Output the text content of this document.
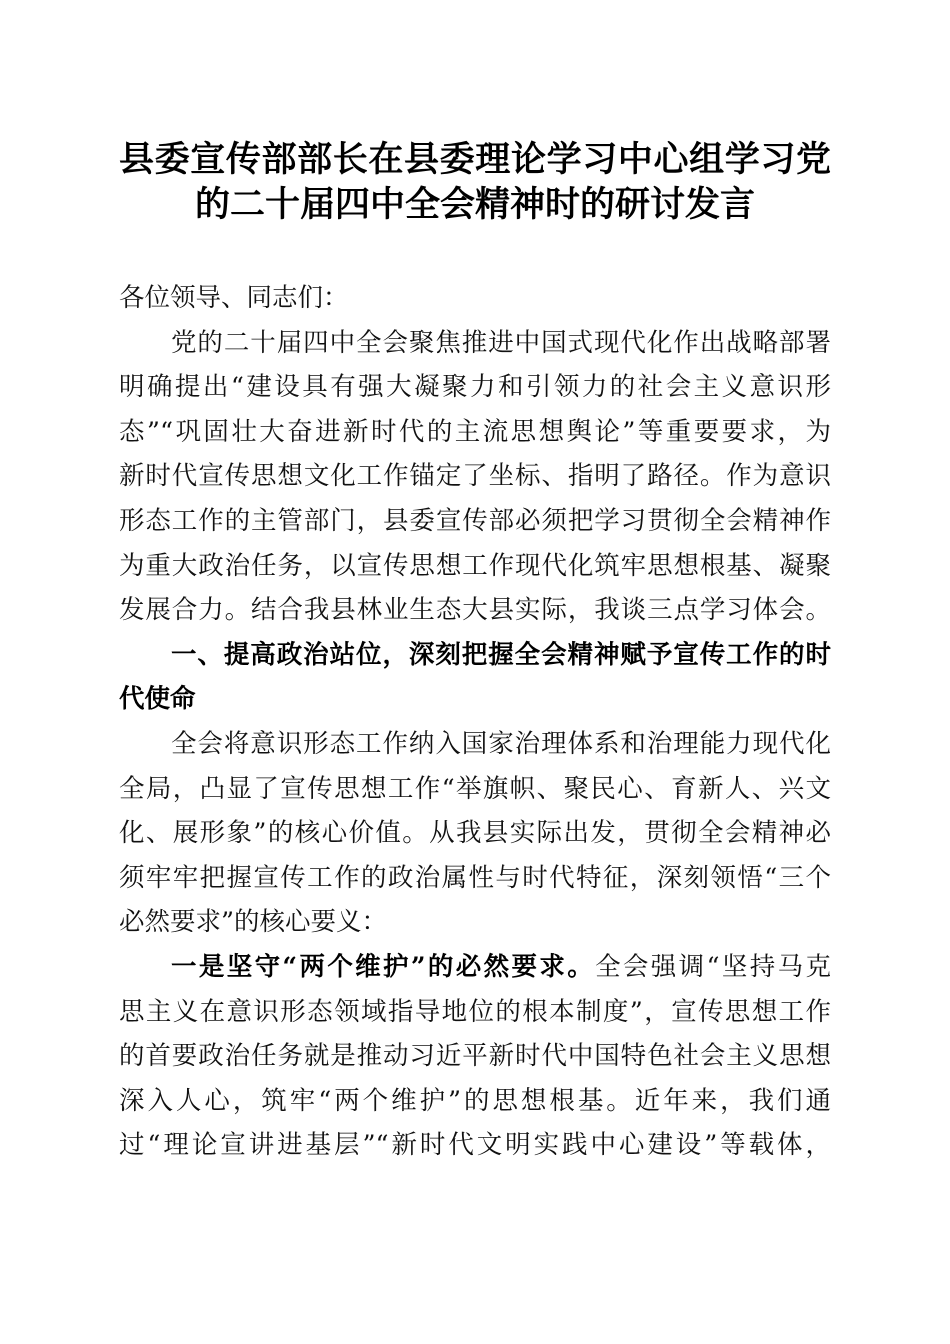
县委宣传部部长在县委理论学习中心组学习党
的二十届四中全会精神时的研讨发言
各位领导、同志们：
党的二十届四中全会聚焦推进中国式现代化作出战略部署
明确提出“建设具有强大凝聚力和引领力的社会主义意识形
态”“巩固壮大奋进新时代的主流思想舆论”等重要要求，为
新时代宣传思想文化工作锚定了坐标、指明了路径。作为意识
形态工作的主管部门，县委宣传部必须把学习贯彻全会精神作
为重大政治任务，以宣传思想工作现代化筑牢思想根基、凝聚
发展合力。结合我县林业生态大县实际，我谈三点学习体会。
一、提高政治站位，深刻把握全会精神赋予宣传工作的时
代使命
全会将意识形态工作纳入国家治理体系和治理能力现代化
全局，凸显了宣传思想工作“举旗帜、聚民心、育新人、兴文
化、展形象”的核心价值。从我县实际出发，贯彻全会精神必
须牢牢把握宣传工作的政治属性与时代特征，深刻领悟“三个
必然要求”的核心要义：
一是坚守“两个维护”的必然要求。全会强调“坚持马克
思主义在意识形态领域指导地位的根本制度”，宣传思想工作
的首要政治任务就是推动习近平新时代中国特色社会主义思想
深入人心，筑牢“两个维护”的思想根基。近年来，我们通
过“理论宣讲进基层”“新时代文明实践中心建设”等载体，
